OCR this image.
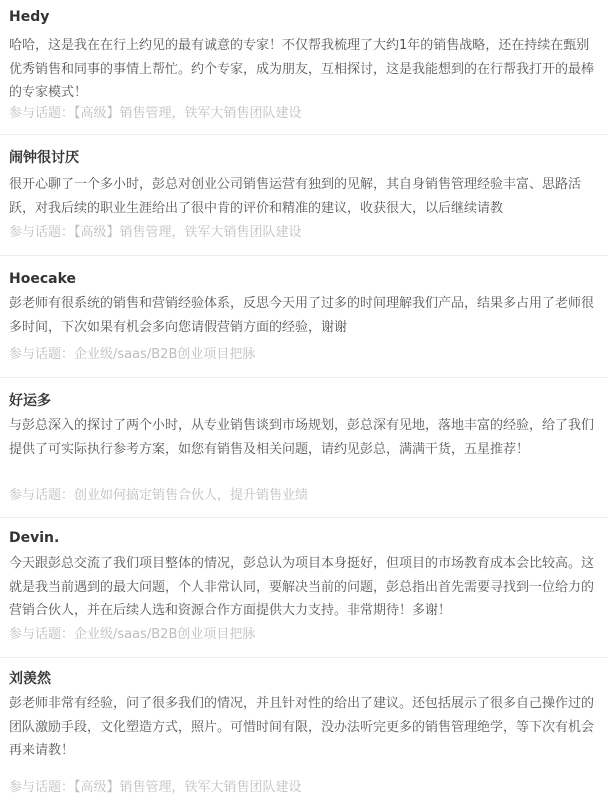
Hedy

哈哈，这是我在在行上约见的最有诚意的专家！不仅帮我梳理了大约1年的销售战略，还在持续在甄别优秀销售和同事的事情上帮忙。约个专家，成为朋友，互相探讨，这是我能想到的在行帮我打开的最棒的专家模式！

参与话题：【高级】销售管理，铁军大销售团队建设
闹钟很讨厌

很开心聊了一个多小时，彭总对创业公司销售运营有独到的见解，其自身销售管理经验丰富、思路活跃，对我后续的职业生涯给出了很中肯的评价和精准的建议，收获很大，以后继续请教

参与话题：【高级】销售管理，铁军大销售团队建设
Hoecake

彭老师有很系统的销售和营销经验体系，反思今天用了过多的时间理解我们产品，结果多占用了老师很多时间，下次如果有机会多向您请假营销方面的经验，谢谢

参与话题：企业级/saas/B2B创业项目把脉
好运多

与彭总深入的探讨了两个小时，从专业销售谈到市场规划，彭总深有见地，落地丰富的经验，给了我们提供了可实际执行参考方案，如您有销售及相关问题，请约见彭总，满满干货，五星推荐！

参与话题：创业如何搞定销售合伙人，提升销售业绩
Devin.

今天跟彭总交流了我们项目整体的情况，彭总认为项目本身挺好，但项目的市场教育成本会比较高。这就是我当前遇到的最大问题，个人非常认同，要解决当前的问题，彭总指出首先需要寻找到一位给力的营销合伙人，并在后续人选和资源合作方面提供大力支持。非常期待！多谢！

参与话题：企业级/saas/B2B创业项目把脉
刘羡然

彭老师非常有经验，问了很多我们的情况，并且针对性的给出了建议。还包括展示了很多自己操作过的团队激励手段，文化塑造方式，照片。可惜时间有限，没办法听完更多的销售管理绝学，等下次有机会再来请教！

参与话题：【高级】销售管理，铁军大销售团队建设
